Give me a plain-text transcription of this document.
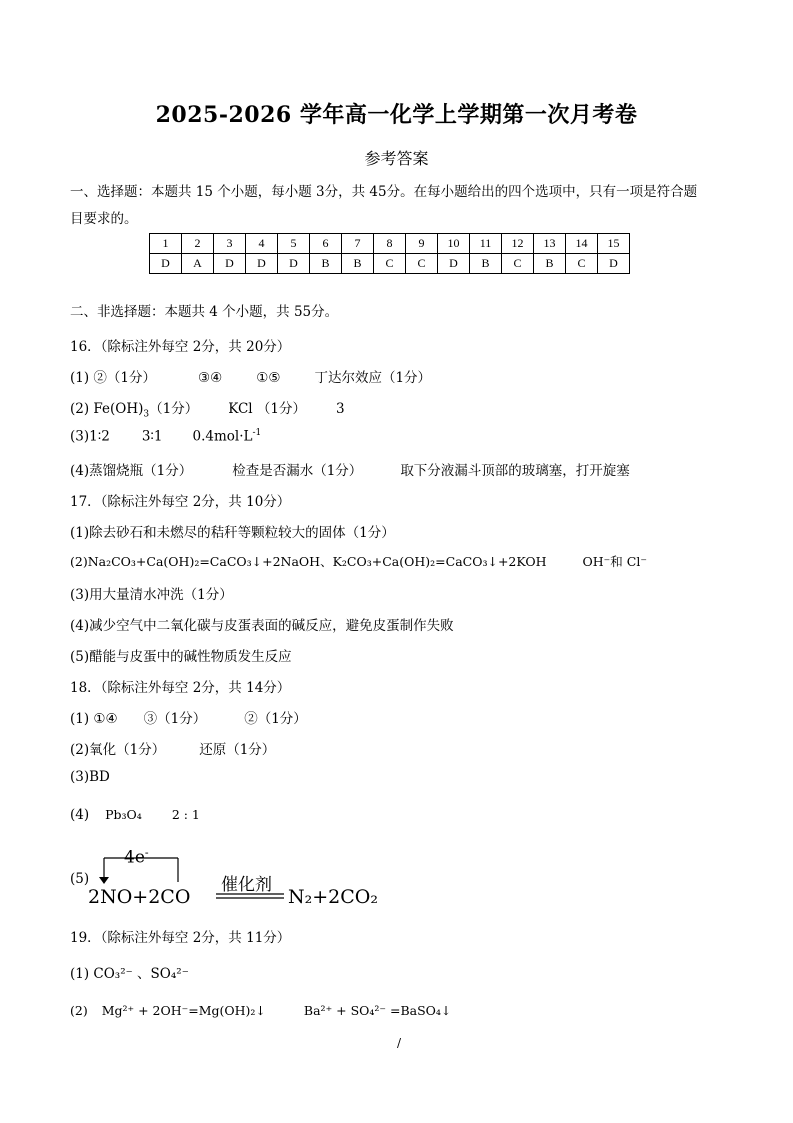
2025-2026 学年高一化学上学期第一次月考卷
参考答案
一、选择题：本题共 15 个小题，每小题 3分，共 45分。在每小题给出的四个选项中，只有一项是符合题
目要求的。
1	2	3	4	5	6	7	8	9	10	11	12	13	14	15
D	A	D	D	D	B	B	C	C	D	B	C	B	C	D
二、非选择题：本题共 4 个小题，共 55分。
16．（除标注外每空 2分，共 20分）
(1) ②（1分）	③④	①⑤	丁达尔效应（1分）
(2) $Fe(OH)_3(1$分） KCl （1分） 3
(3)1∶2 3∶1 $0.4mol\cdot L^{-1}$
(4)蒸馏烧瓶（1分）	检查是否漏水（1分）	取下分液漏斗顶部的玻璃塞，打开旋塞
17．（除标注外每空 2分，共 10分）
(1)除去砂石和未燃尽的秸秆等颗粒较大的固体（1分）
(2)Na₂CO₃+Ca(OH)₂=CaCO₃↓+2NaOH、K₂CO₃+Ca(OH)₂=CaCO₃↓+2KOH	OH⁻和 Cl⁻
(3)用大量清水冲洗（1分）
(4)减少空气中二氧化碳与皮蛋表面的碱反应，避免皮蛋制作失败
(5)醋能与皮蛋中的碱性物质发生反应
18．（除标注外每空 2分，共 14分）
(1) ①④ ③（1分）	②（1分）
(2)氧化（1分）	还原（1分）
(3)BD
(4) Pb₃O₄ 2 : 1
(5)
4e-
2NO+2CO
催化剂
N₂+2CO₂
19．（除标注外每空 2分，共 11分）
(1) CO₃²⁻ 、SO₄²⁻
(2) Mg²⁺ + 2OH⁻=Mg(OH)₂↓	Ba²⁺ + SO₄²⁻ =BaSO₄↓
/
